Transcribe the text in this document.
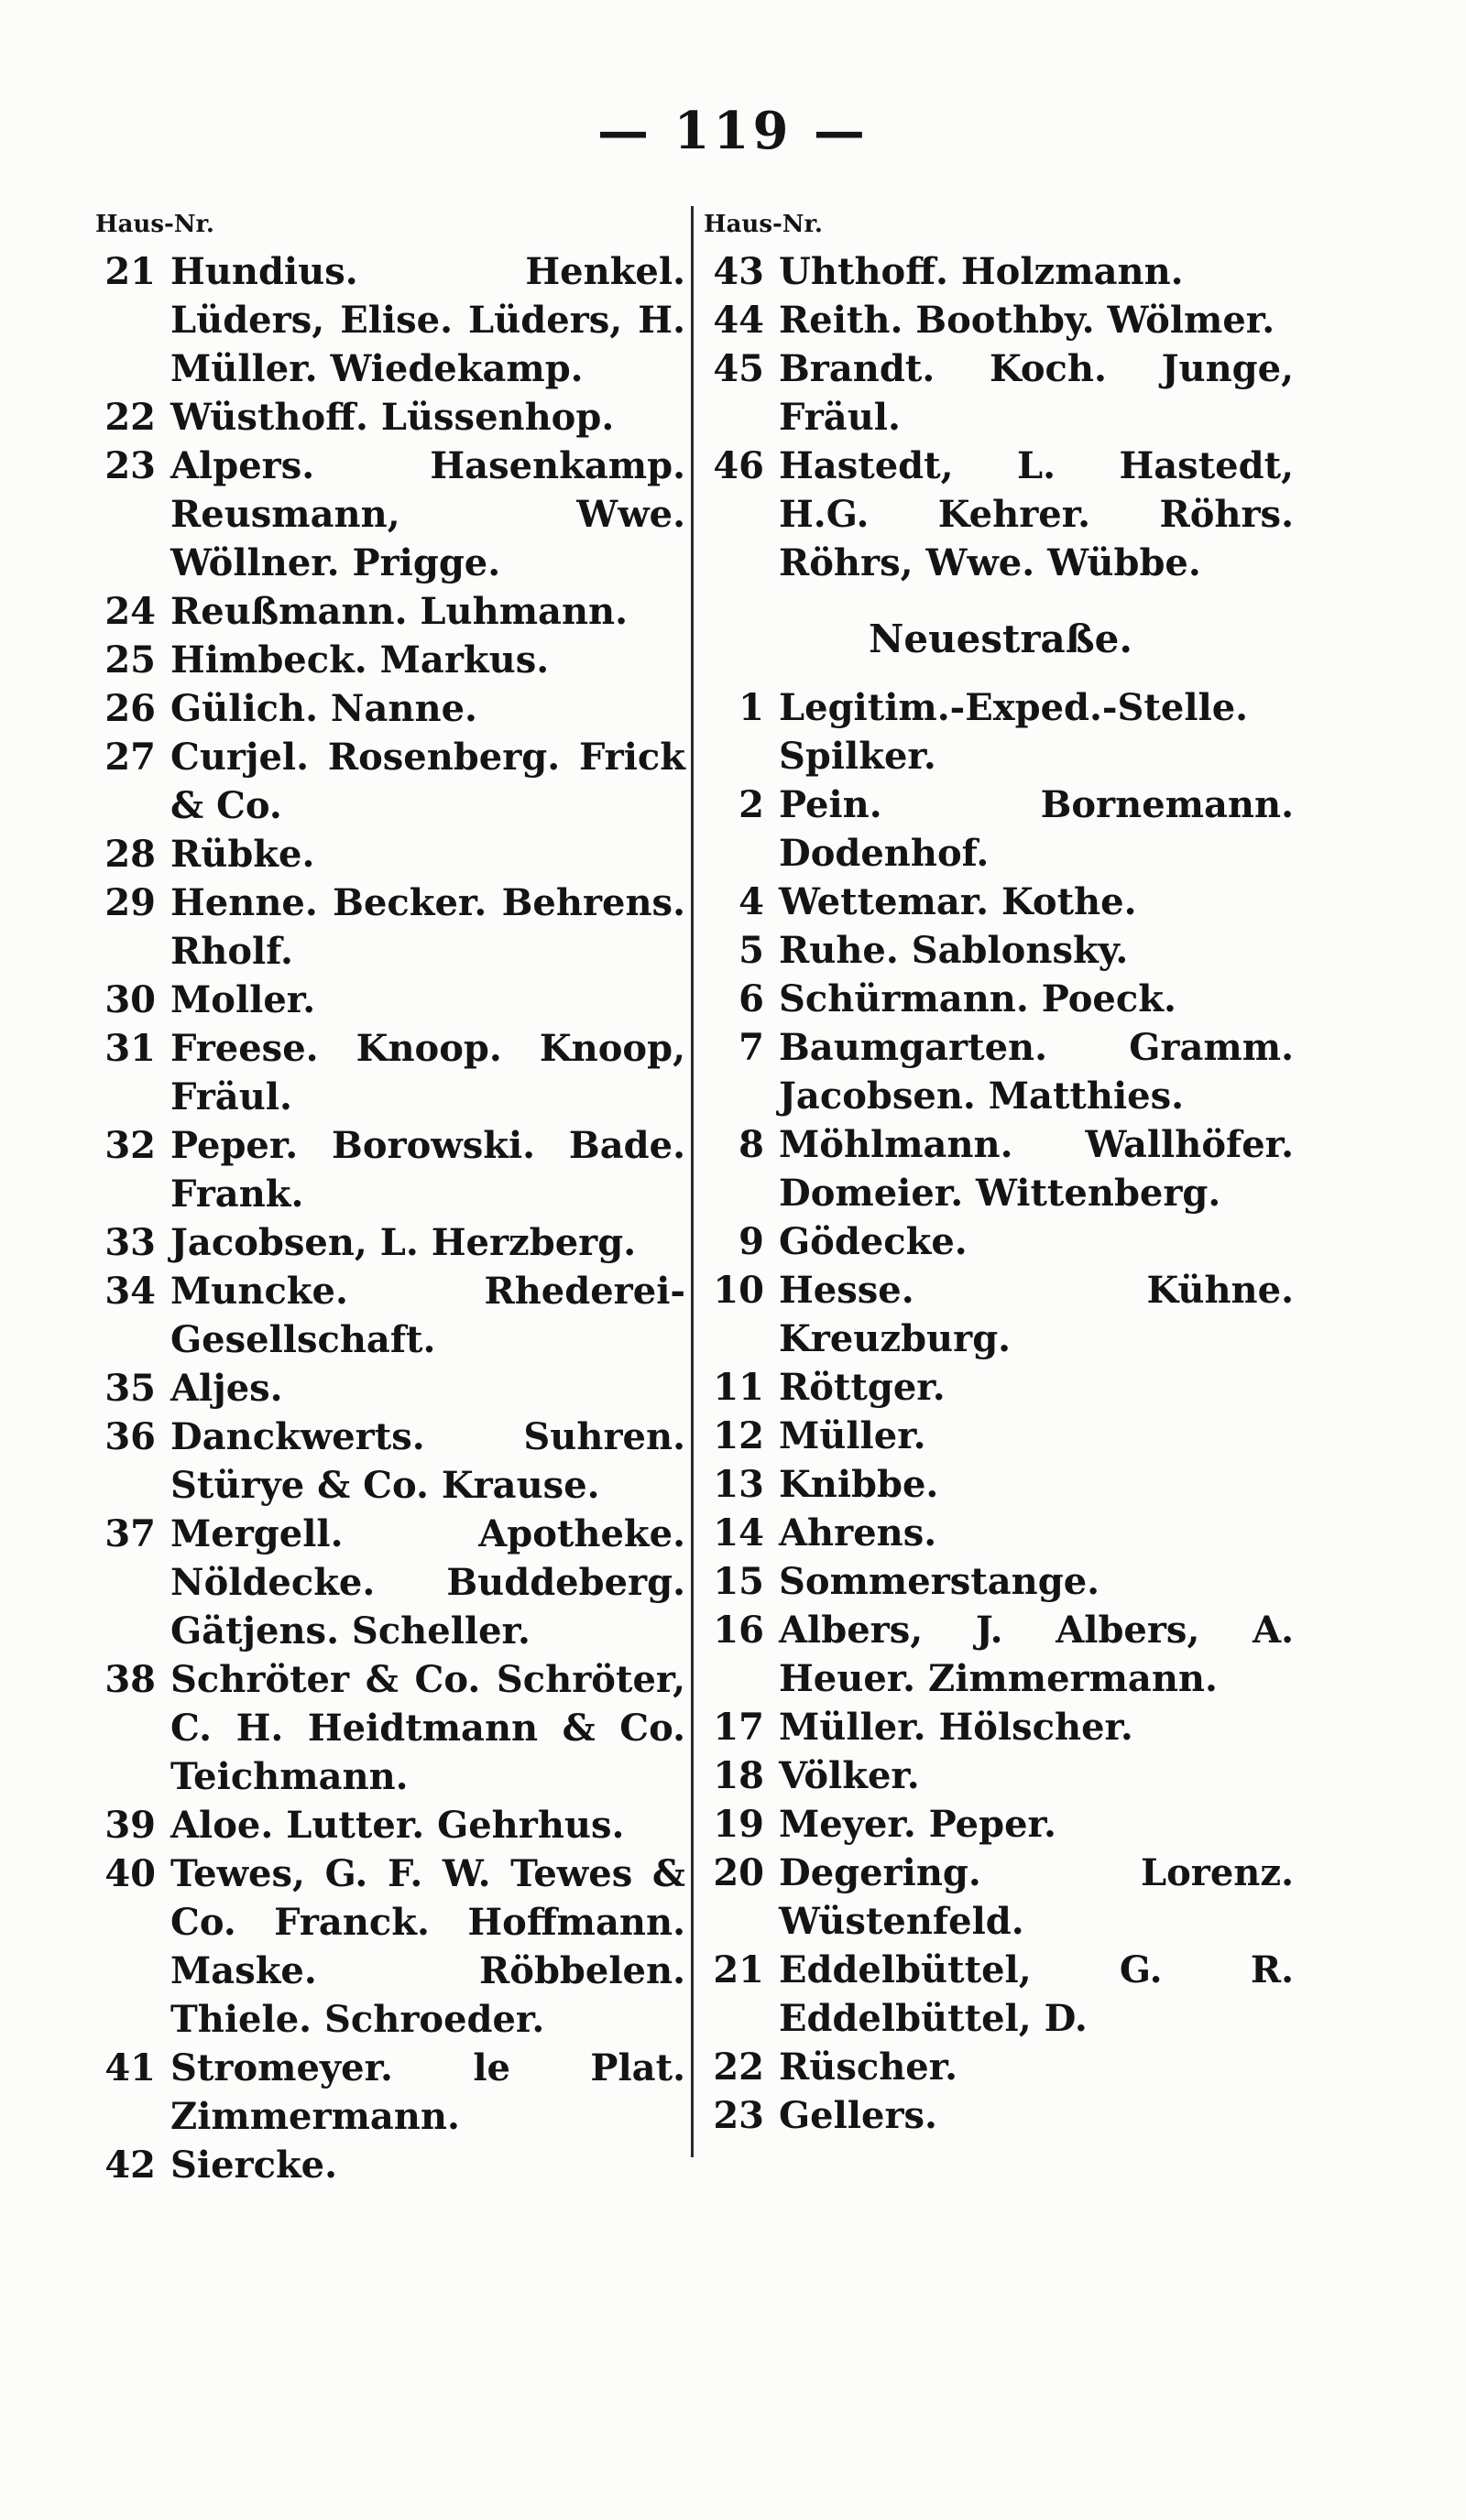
— 119 —
Haus-Nr.
21 Hundius. Henkel. Lüders, Elise. Lüders, H. Müller. Wiedekamp.
22 Wüsthoff. Lüssenhop.
23 Alpers. Hasenkamp. Reusmann, Wwe. Wöllner. Prigge.
24 Reußmann. Luhmann.
25 Himbeck. Markus.
26 Gülich. Nanne.
27 Curjel. Rosenberg. Frick & Co.
28 Rübke.
29 Henne. Becker. Behrens. Rholf.
30 Moller.
31 Freese. Knoop. Knoop, Fräul.
32 Peper. Borowski. Bade. Frank.
33 Jacobsen, L. Herzberg.
34 Muncke. Rhederei-Gesellschaft.
35 Aljes.
36 Danckwerts. Suhren. Stürye & Co. Krause.
37 Mergell. Apotheke. Nöldecke. Buddeberg. Gätjens. Scheller.
38 Schröter & Co. Schröter, C. H. Heidtmann & Co. Teichmann.
39 Aloe. Lutter. Gehrhus.
40 Tewes, G. F. W. Tewes & Co. Franck. Hoffmann. Maske. Röbbelen. Thiele. Schroeder.
41 Stromeyer. le Plat. Zimmermann.
42 Siercke.
Haus-Nr.
43 Uhthoff. Holzmann.
44 Reith. Boothby. Wölmer.
45 Brandt. Koch. Junge, Fräul.
46 Hastedt, L. Hastedt, H.G. Kehrer. Röhrs. Röhrs, Wwe. Wübbe.
Neuestraße.
1 Legitim.-Exped.-Stelle. Spilker.
2 Pein. Bornemann. Dodenhof.
4 Wettemar. Kothe.
5 Ruhe. Sablonsky.
6 Schürmann. Poeck.
7 Baumgarten. Gramm. Jacobsen. Matthies.
8 Möhlmann. Wallhöfer. Domeier. Wittenberg.
9 Gödecke.
10 Hesse. Kühne. Kreuzburg.
11 Röttger.
12 Müller.
13 Knibbe.
14 Ahrens.
15 Sommerstange.
16 Albers, J. Albers, A. Heuer. Zimmermann.
17 Müller. Hölscher.
18 Völker.
19 Meyer. Peper.
20 Degering. Lorenz. Wüstenfeld.
21 Eddelbüttel, G. R. Eddelbüttel, D.
22 Rüscher.
23 Gellers.
